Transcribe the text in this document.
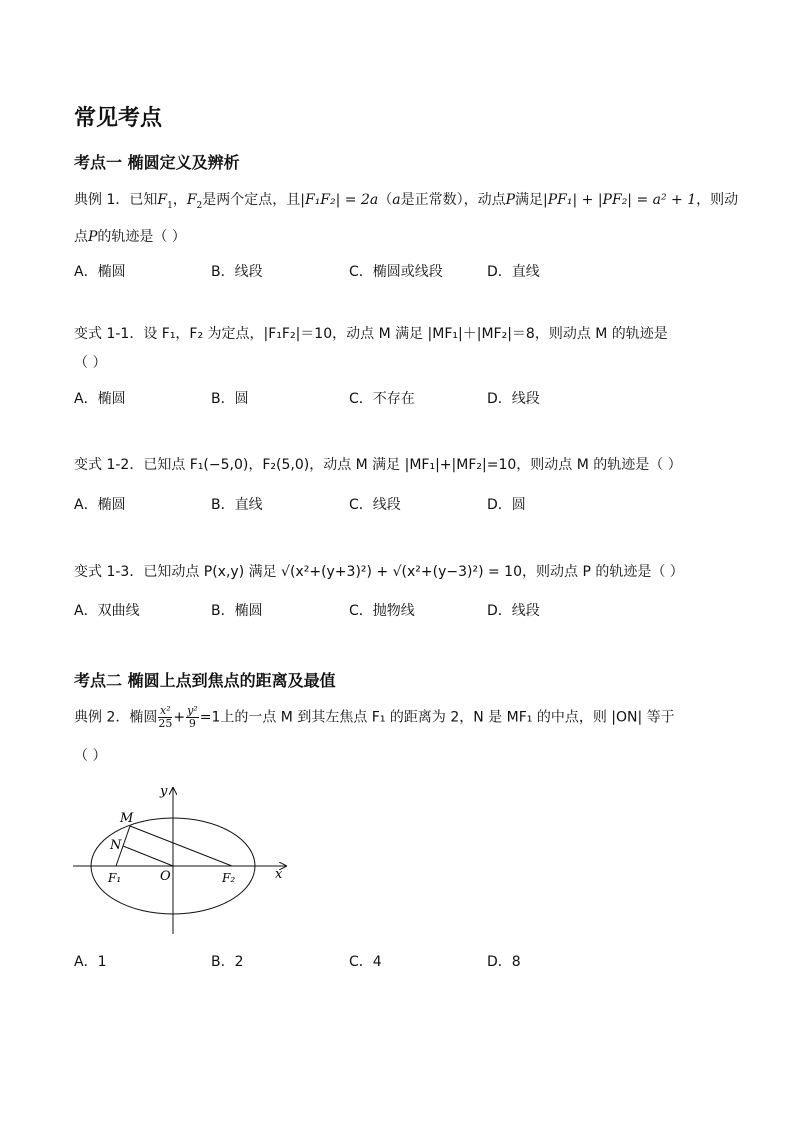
常见考点
考点一 椭圆定义及辨析
典例 1．已知$F_1$，$F_2$是两个定点，且|F₁F₂| = 2a（a是正常数），动点P满足|PF₁| + |PF₂| = a² + 1，则动
点P的轨迹是（ ）
A．椭圆	B．线段	C．椭圆或线段	D．直线
变式 1-1．设 F₁，F₂ 为定点，|F₁F₂|＝10，动点 M 满足 |MF₁|＋|MF₂|＝8，则动点 M 的轨迹是
（ ）
A．椭圆	B．圆	C．不存在	D．线段
变式 1-2．已知点 F₁(−5,0)，F₂(5,0)，动点 M 满足 |MF₁|+|MF₂|=10，则动点 M 的轨迹是（ ）
A．椭圆	B．直线	C．线段	D．圆
变式 1-3．已知动点 P(x,y) 满足 √(x²+(y+3)²) + √(x²+(y−3)²) = 10，则动点 P 的轨迹是（ ）
A．双曲线	B．椭圆	C．抛物线	D．线段
考点二 椭圆上点到焦点的距离及最值
典例 2．椭圆 $\frac{\text{x²}}{25} + \frac{\text{y²}}{9} =1$上的一点 M 到其左焦点 F₁ 的距离为 2，N 是 MF₁ 的中点，则 |ON| 等于
（ ）
y
x
M
N
O
F₁	F₂
A．1	B．2	C．4	D．8
